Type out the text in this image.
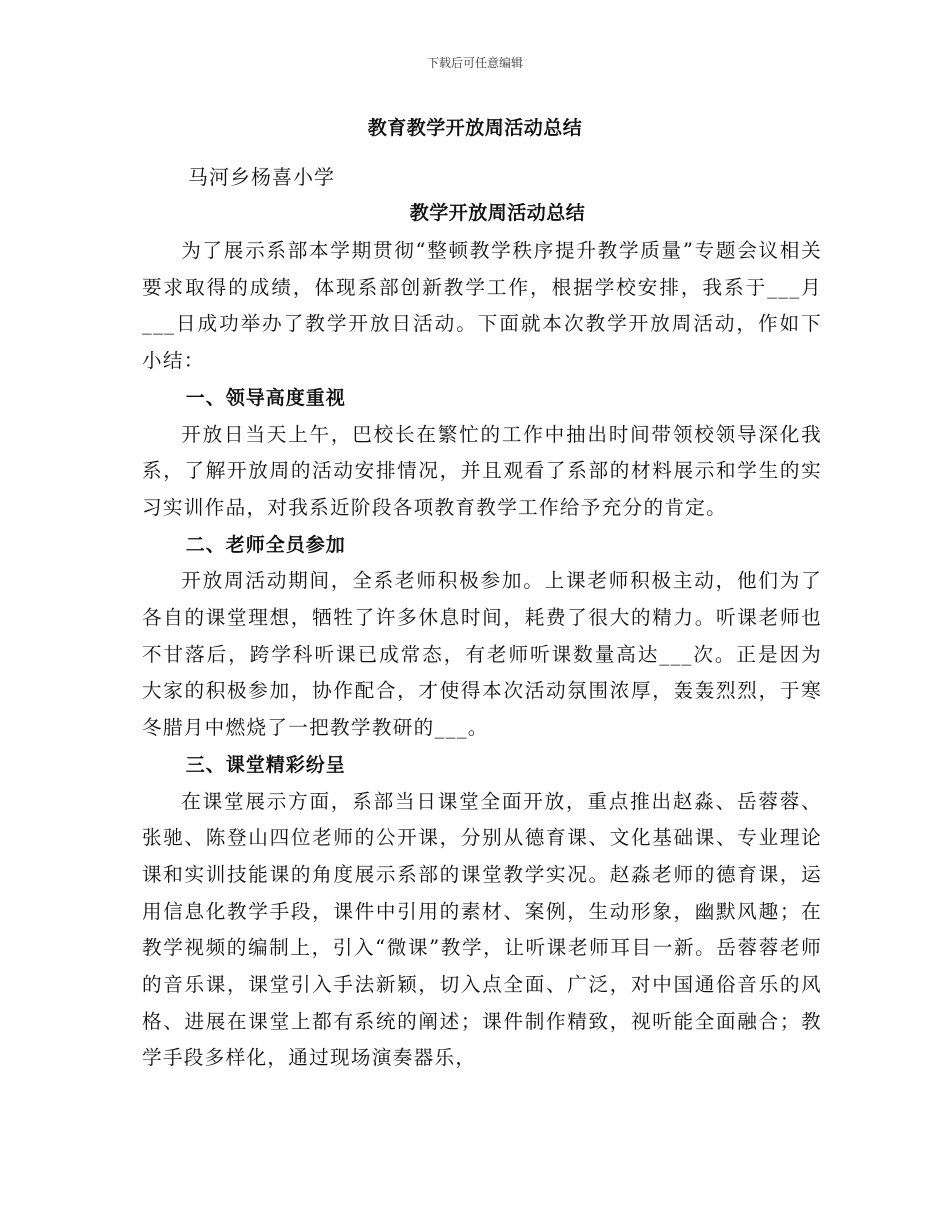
下载后可任意编辑
教育教学开放周活动总结
马河乡杨喜小学
教学开放周活动总结

为了展示系部本学期贯彻“整顿教学秩序提升教学质量”专题会议相关要求取得的成绩，体现系部创新教学工作，根据学校安排，我系于___月___日成功举办了教学开放日活动。下面就本次教学开放周活动，作如下小结：

一、领导高度重视

开放日当天上午，巴校长在繁忙的工作中抽出时间带领校领导深化我系，了解开放周的活动安排情况，并且观看了系部的材料展示和学生的实习实训作品，对我系近阶段各项教育教学工作给予充分的肯定。

二、老师全员参加

开放周活动期间，全系老师积极参加。上课老师积极主动，他们为了各自的课堂理想，牺牲了许多休息时间，耗费了很大的精力。听课老师也不甘落后，跨学科听课已成常态，有老师听课数量高达___次。正是因为大家的积极参加，协作配合，才使得本次活动氛围浓厚，轰轰烈烈，于寒冬腊月中燃烧了一把教学教研的___。

三、课堂精彩纷呈

在课堂展示方面，系部当日课堂全面开放，重点推出赵淼、岳蓉蓉、张驰、陈登山四位老师的公开课，分别从德育课、文化基础课、专业理论课和实训技能课的角度展示系部的课堂教学实况。赵淼老师的德育课，运用信息化教学手段，课件中引用的素材、案例，生动形象，幽默风趣；在教学视频的编制上，引入“微课”教学，让听课老师耳目一新。岳蓉蓉老师的音乐课，课堂引入手法新颖，切入点全面、广泛，对中国通俗音乐的风格、进展在课堂上都有系统的阐述；课件制作精致，视听能全面融合；教学手段多样化，通过现场演奏器乐，
